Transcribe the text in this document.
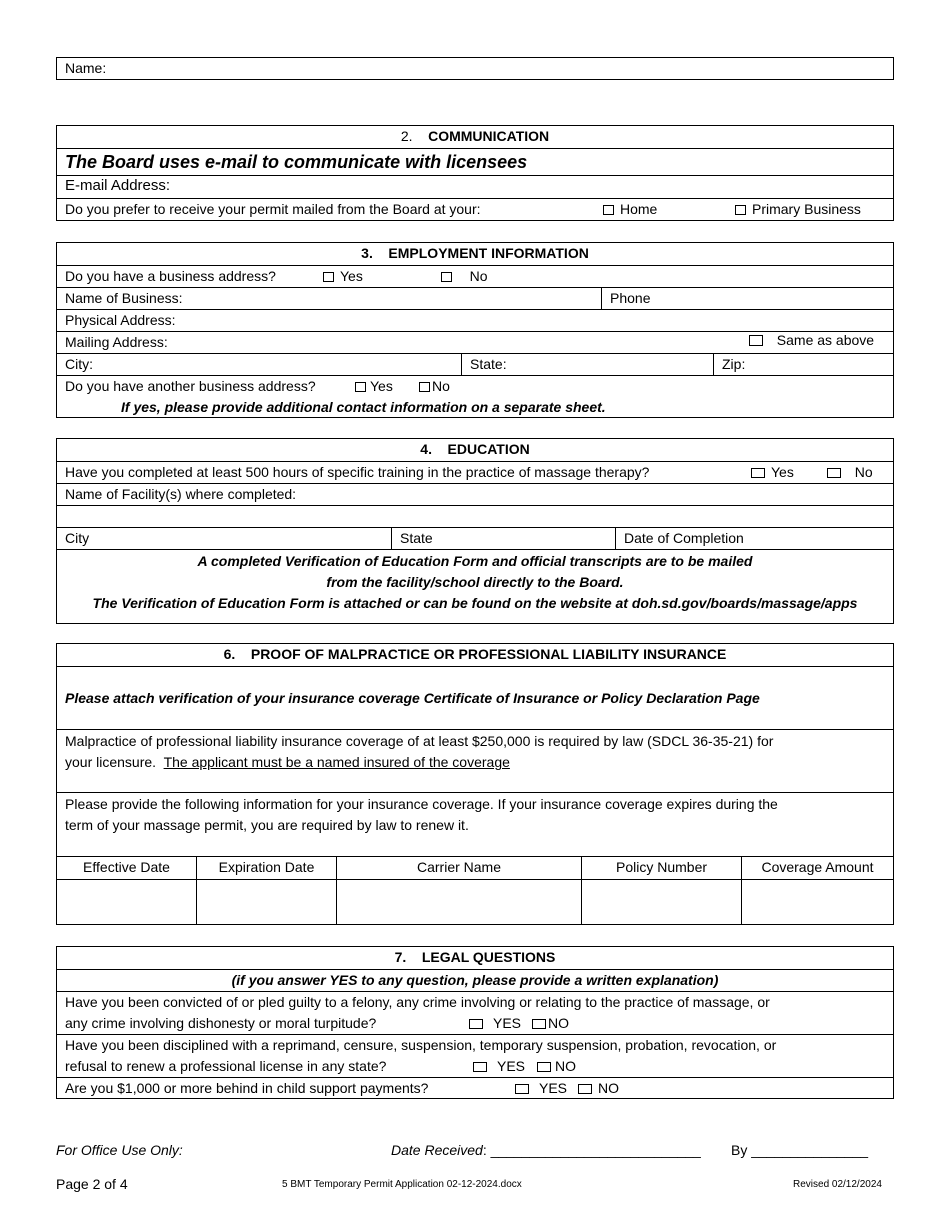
Name:
2. COMMUNICATION
The Board uses e-mail to communicate with licensees
E-mail Address:
Do you prefer to receive your permit mailed from the Board at your:	Home	Primary Business
3. EMPLOYMENT INFORMATION
Do you have a business address?	Yes	No
Name of Business:	Phone
Physical Address:
Mailing Address:	Same as above
City:	State:	Zip:
Do you have another business address?	Yes	No
If yes, please provide additional contact information on a separate sheet.
4. EDUCATION
Have you completed at least 500 hours of specific training in the practice of massage therapy?	Yes	No
Name of Facility(s) where completed:
City	State	Date of Completion
A completed Verification of Education Form and official transcripts are to be mailed
from the facility/school directly to the Board.
The Verification of Education Form is attached or can be found on the website at doh.sd.gov/boards/massage/apps
6. PROOF OF MALPRACTICE OR PROFESSIONAL LIABILITY INSURANCE
Please attach verification of your insurance coverage Certificate of Insurance or Policy Declaration Page
Malpractice of professional liability insurance coverage of at least $250,000 is required by law (SDCL 36-35-21) for
your licensure. The applicant must be a named insured of the coverage
Please provide the following information for your insurance coverage. If your insurance coverage expires during the
term of your massage permit, you are required by law to renew it.
Effective Date	Expiration Date	Carrier Name	Policy Number	Coverage Amount
7. LEGAL QUESTIONS
(if you answer YES to any question, please provide a written explanation)
Have you been convicted of or pled guilty to a felony, any crime involving or relating to the practice of massage, or
any crime involving dishonesty or moral turpitude?	YES	NO
Have you been disciplined with a reprimand, censure, suspension, temporary suspension, probation, revocation, or
refusal to renew a professional license in any state?	YES	NO
Are you $1,000 or more behind in child support payments?	YES	NO
For Office Use Only:	Date Received: ___________________________ By _______________
Page 2 of 4	5 BMT Temporary Permit Application 02-12-2024.docx	Revised 02/12/2024
